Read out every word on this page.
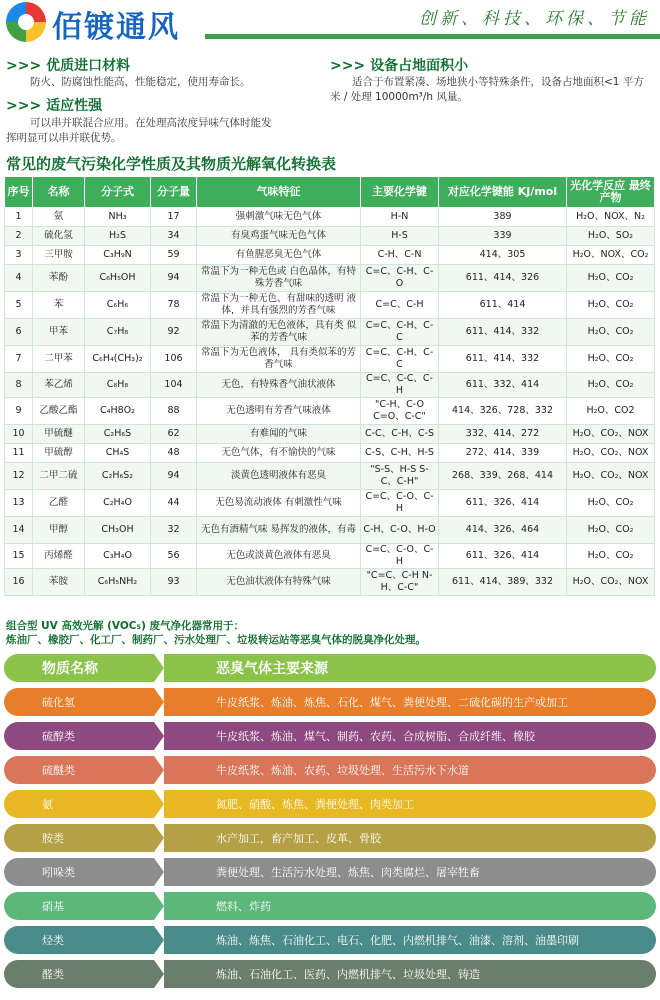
佰镀通风	创新、科技、环保、节能
>>> 优质进口材料
防火、防腐蚀性能高，性能稳定，使用寿命长。
>>> 适应性强
可以串并联混合应用。在处理高浓度异味气体时能发挥明显可以串并联优势。
>>> 设备占地面积小
适合于布置紧凑、场地狭小等特殊条件，设备占地面积<1 平方米 / 处理 10000m³/h 风量。
常见的废气污染化学性质及其物质光解氧化转换表
序号	名称	分子式	分子量	气味特征	主要化学键	对应化学键能 KJ/mol	光化学反应 最终产物
1	氨	NH₃	17	强刺激气味无色气体	H-N	389	H₂O、NOX、N₂
2	硫化氢	H₂S	34	有臭鸡蛋气味无色气体	H-S	339	H₂O、SO₂
3	三甲胺	C₃H₉N	59	有鱼腥恶臭无色气体	C-H、C-N	414、305	H₂O、NOX、CO₂
4	苯酚	C₆H₅OH	94	常温下为一种无色或 白色晶体，有特殊芳香气味	C=C、C-H、C-O	611、414、326	H₂O、CO₂
5	苯	C₆H₆	78	常温下为一种无色、有甜味的透明 液体，并具有强烈的芳香气味	C=C、C-H	611、414	H₂O、CO₂
6	甲苯	C₇H₈	92	常温下为清澈的无色液体，具有类 似苯的芳香气味	C=C、C-H、C-C	611、414、332	H₂O、CO₂
7	二甲苯	C₆H₄(CH₃)₂	106	常温下为无色液体， 具有类似苯的芳香气味	C=C、C-H、C-C	611、414、332	H₂O、CO₂
8	苯乙烯	C₈H₈	104	无色，有特殊香气油状液体	C=C、C-C、C-H	611、332、414	H₂O、CO₂
9	乙酸乙酯	C₄H8O₂	88	无色透明有芳香气味液体	"C-H、C-O C=O、C-C"	414、326、728、332	H₂O、CO2
10	甲硫醚	C₂H₆S	62	有难闻的气味	C-C、C-H、C-S	332、414、272	H₂O、CO₂、NOX
11	甲硫醇	CH₄S	48	无色气体，有不愉快的气味	C-S、C-H、H-S	272、414、339	H₂O、CO₂、NOX
12	二甲二硫	C₂H₆S₂	94	淡黄色透明液体有恶臭	"S-S、H-S S-C、C-H"	268、339、268、414	H₂O、CO₂、NOX
13	乙醛	C₂H₄O	44	无色易流动液体 有刺激性气味	C=C、C-O、C-H	611、326、414	H₂O、CO₂
14	甲醇	CH₃OH	32	无色有酒精气味 易挥发的液体，有毒	C-H、C-O、H-O	414、326、464	H₂O、CO₂
15	丙烯醛	C₃H₄O	56	无色或淡黄色液体有恶臭	C=C、C-O、C-H	611、326、414	H₂O、CO₂
16	苯胺	C₆H₅NH₂	93	无色油状液体有特殊气味	"C=C、C-H N-H、C-C"	611、414、389、332	H₂O、CO₂、NOX
组合型 UV 高效光解 (VOC₅) 废气净化器常用于：
炼油厂、橡胶厂、化工厂、制药厂、污水处理厂、垃圾转运站等恶臭气体的脱臭净化处理。
物质名称	恶臭气体主要来源
硫化氢	牛皮纸浆、炼油、炼焦、石化、煤气、粪便处理、二硫化碳的生产或加工
硫醇类	牛皮纸浆、炼油、煤气、制药、农药、合成树脂、合成纤维、橡胶
硫醚类	牛皮纸浆、炼油、农药、垃圾处理、生活污水下水道
氨	氮肥、硝酸、炼焦、粪便处理、肉类加工
胺类	水产加工，畜产加工、皮革、骨胶
吲哚类	粪便处理、生活污水处理、炼焦、肉类腐烂、屠宰牲畜
硝基	燃料、炸药
烃类	炼油、炼焦、石油化工、电石、化肥、内燃机排气、油漆、溶剂、油墨印刷
醛类	炼油、石油化工、医药、内燃机排气、垃圾处理、铸造
